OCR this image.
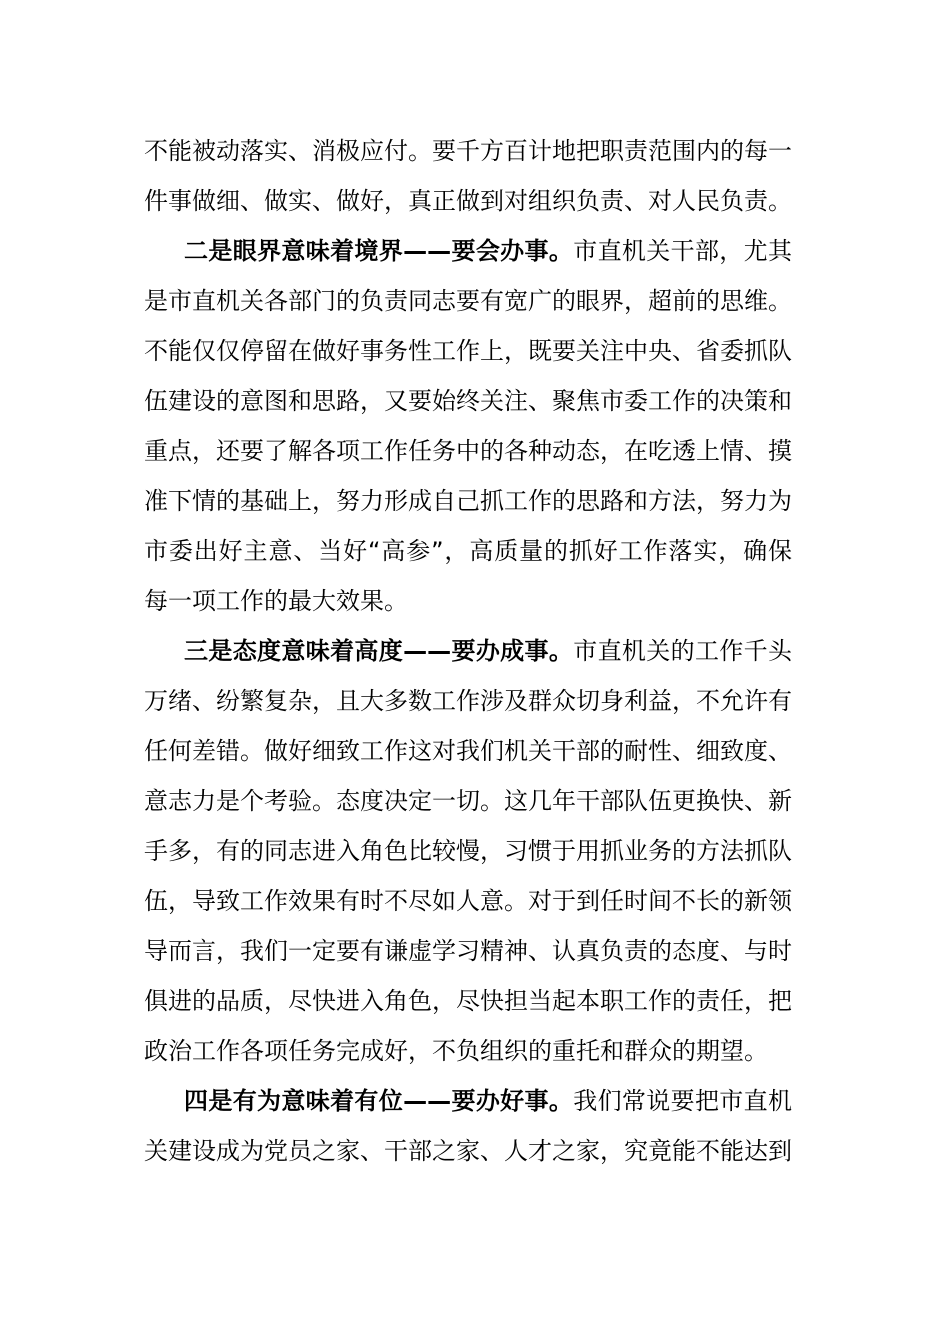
不能被动落实、消极应付。要千方百计地把职责范围内的每一件事做细、做实、做好，真正做到对组织负责、对人民负责。

二是眼界意味着境界——要会办事。市直机关干部，尤其是市直机关各部门的负责同志要有宽广的眼界，超前的思维。不能仅仅停留在做好事务性工作上，既要关注中央、省委抓队伍建设的意图和思路，又要始终关注、聚焦市委工作的决策和重点，还要了解各项工作任务中的各种动态，在吃透上情、摸准下情的基础上，努力形成自己抓工作的思路和方法，努力为市委出好主意、当好“高参”，高质量的抓好工作落实，确保每一项工作的最大效果。

三是态度意味着高度——要办成事。市直机关的工作千头万绪、纷繁复杂，且大多数工作涉及群众切身利益，不允许有任何差错。做好细致工作这对我们机关干部的耐性、细致度、意志力是个考验。态度决定一切。这几年干部队伍更换快、新手多，有的同志进入角色比较慢，习惯于用抓业务的方法抓队伍，导致工作效果有时不尽如人意。对于到任时间不长的新领导而言，我们一定要有谦虚学习精神、认真负责的态度、与时俱进的品质，尽快进入角色，尽快担当起本职工作的责任，把政治工作各项任务完成好，不负组织的重托和群众的期望。

四是有为意味着有位——要办好事。我们常说要把市直机关建设成为党员之家、干部之家、人才之家，究竟能不能达到
